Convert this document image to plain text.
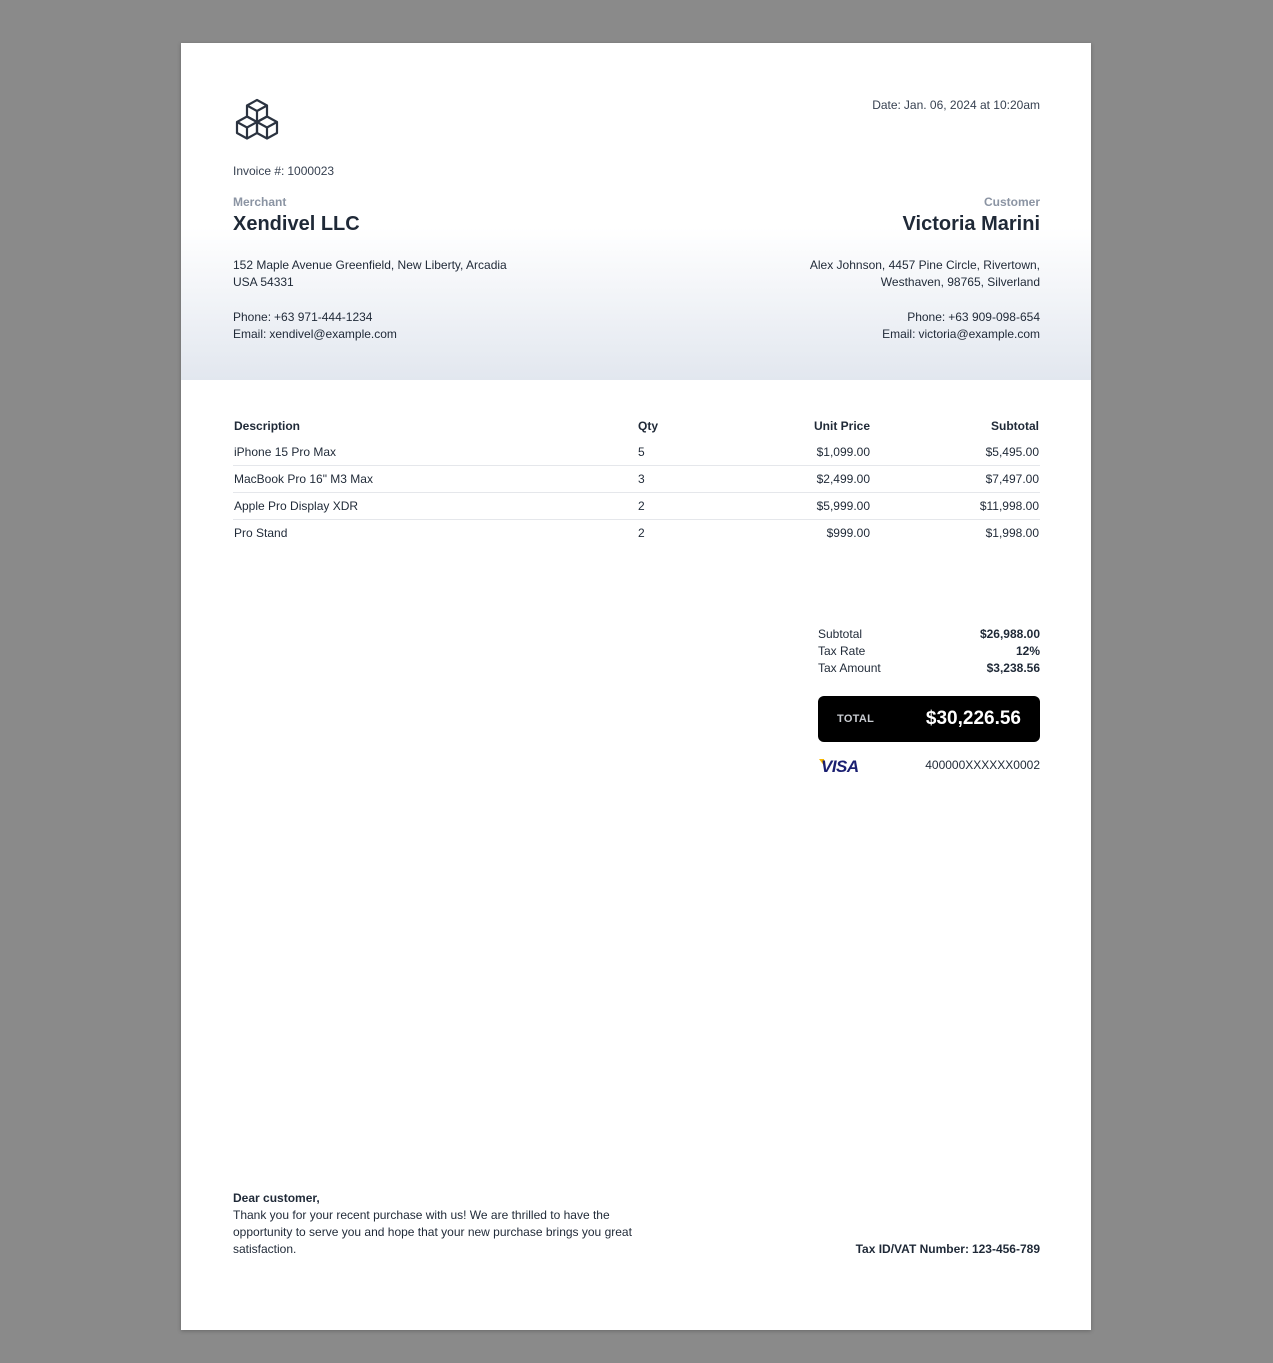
Date: Jan. 06, 2024 at 10:20am
Invoice #: 1000023
Merchant
Xendivel LLC
152 Maple Avenue Greenfield, New Liberty, Arcadia
USA 54331
Phone: +63 971-444-1234
Email: xendivel@example.com
Customer
Victoria Marini
Alex Johnson, 4457 Pine Circle, Rivertown,
Westhaven, 98765, Silverland
Phone: +63 909-098-654
Email: victoria@example.com
Description	Qty	Unit Price	Subtotal
iPhone 15 Pro Max	5	$1,099.00	$5,495.00
MacBook Pro 16" M3 Max	3	$2,499.00	$7,497.00
Apple Pro Display XDR	2	$5,999.00	$11,998.00
Pro Stand	2	$999.00	$1,998.00
Subtotal	$26,988.00
Tax Rate	12%
Tax Amount	$3,238.56
TOTAL	$30,226.56
VISA	400000XXXXXX0002
Dear customer,
Thank you for your recent purchase with us! We are thrilled to have the opportunity to serve you and hope that your new purchase brings you great satisfaction.	Tax ID/VAT Number: 123-456-789
